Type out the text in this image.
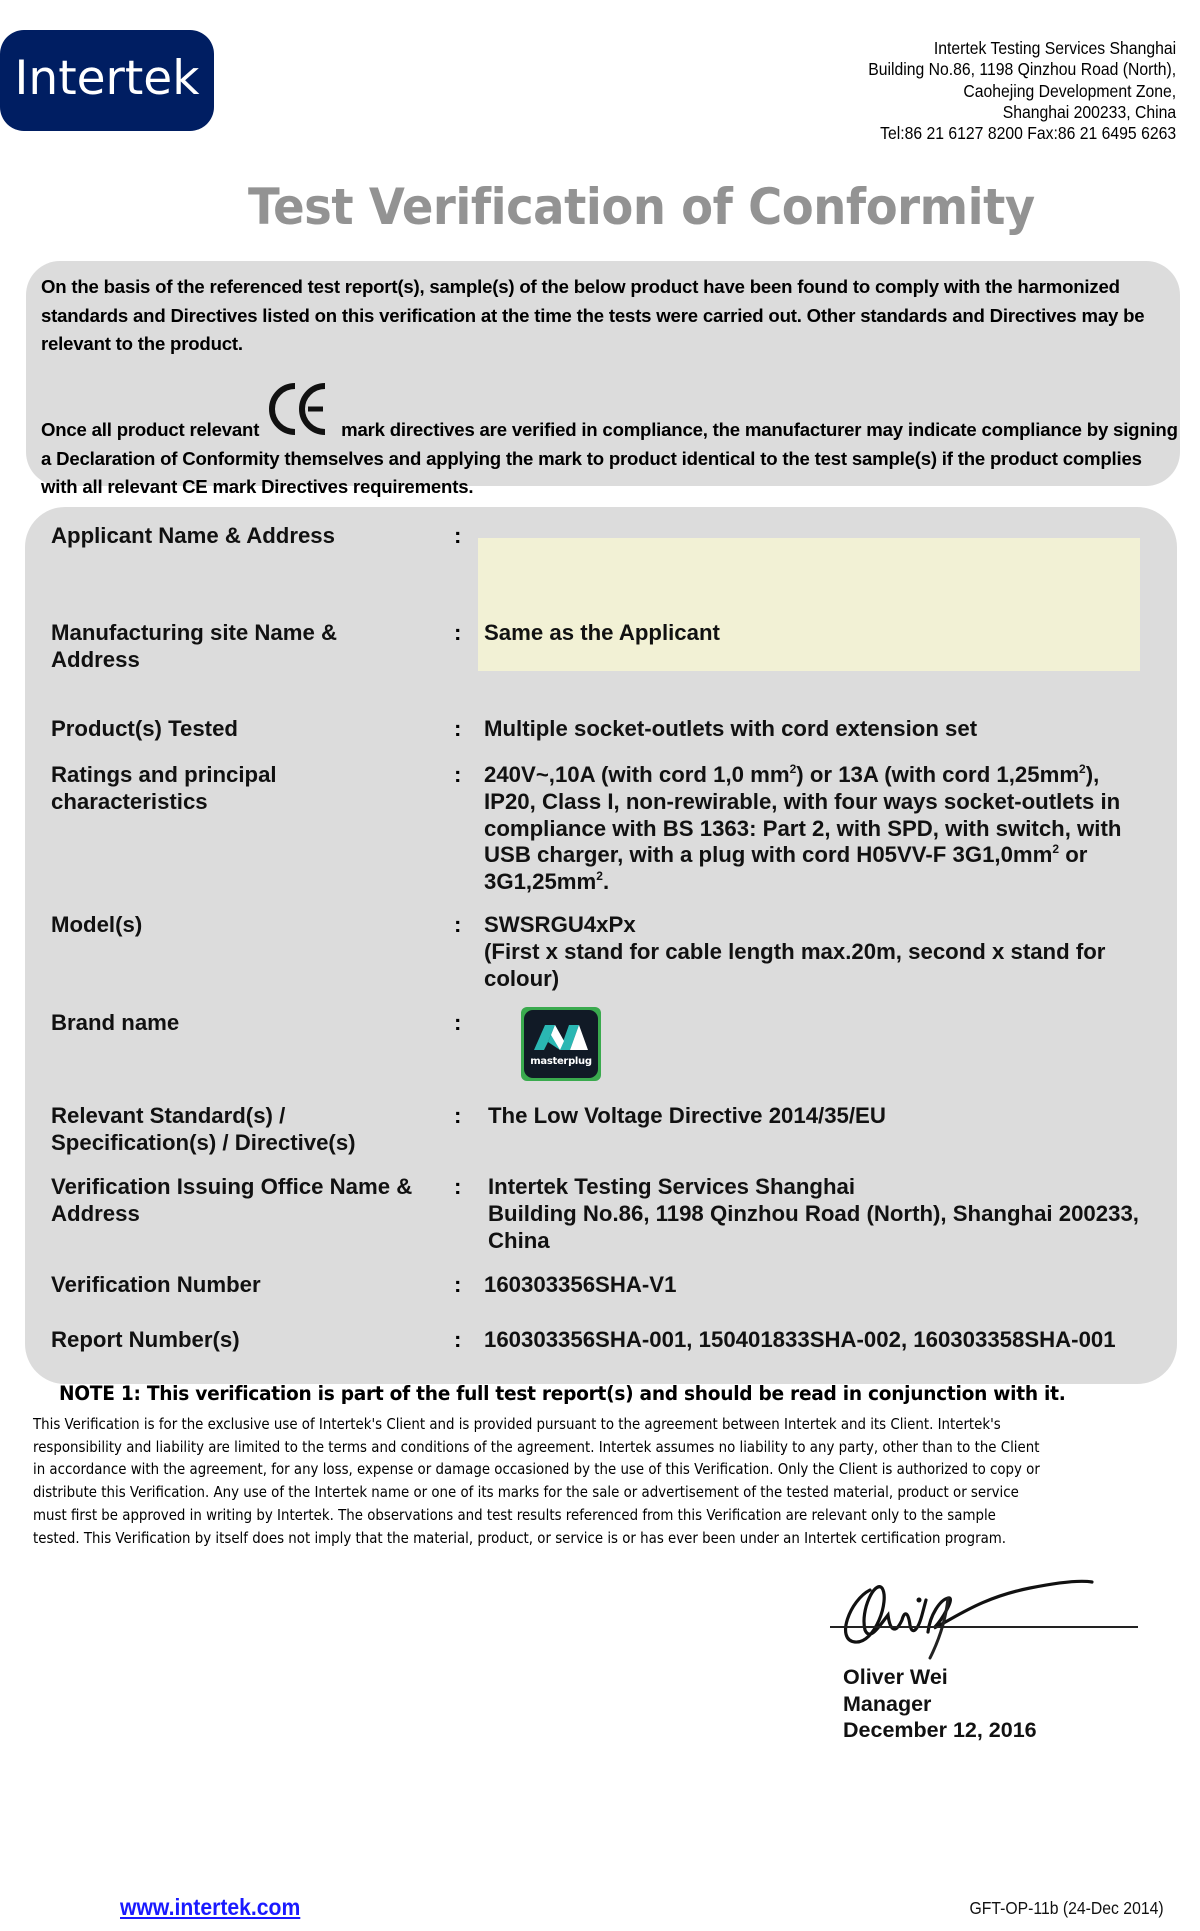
Intertek
Intertek Testing Services Shanghai
Building No.86, 1198 Qinzhou Road (North),
Caohejing Development Zone,
Shanghai 200233, China
Tel:86 21 6127 8200 Fax:86 21 6495 6263
Test Verification of Conformity

On the basis of the referenced test report(s), sample(s) of the below product have been found to comply with the harmonized standards and Directives listed on this verification at the time the tests were carried out. Other standards and Directives may be relevant to the product.

Once all product relevant	mark directives are verified in compliance, the manufacturer may indicate compliance by signing a Declaration of Conformity themselves and applying the mark to product identical to the test sample(s) if the product complies with all relevant CE mark Directives requirements.

Applicant Name & Address	:
Manufacturing site Name &
Address
: Same as the Applicant
Product(s) Tested	: Multiple socket-outlets with cord extension set
Ratings and principal
characteristics
: 240V~,10A (with cord 1,0 $mm^2$) or 13A (with cord $1,25mm^2$),
IP20, Class I, non-rewirable, with four ways socket-outlets in
compliance with BS 1363: Part 2, with SPD, with switch, with
USB charger, with a plug with cord H05VV-F $3G1,0mm^2$ or
$3G1,25mm^2$.
Model(s)	: SWSRGU4xPx
(First x stand for cable length max.20m, second x stand for
colour)
Brand name	:
masterplug
Relevant Standard(s) /
Specification(s) / Directive(s)
: The Low Voltage Directive 2014/35/EU
Verification Issuing Office Name &
Address
: Intertek Testing Services Shanghai
Building No.86, 1198 Qinzhou Road (North), Shanghai 200233,
China
Verification Number	: 160303356SHA-V1
Report Number(s)	: 160303356SHA-001, 150401833SHA-002, 160303358SHA-001
NOTE 1: This verification is part of the full test report(s) and should be read in conjunction with it.
This Verification is for the exclusive use of Intertek's Client and is provided pursuant to the agreement between Intertek and its Client. Intertek's
responsibility and liability are limited to the terms and conditions of the agreement. Intertek assumes no liability to any party, other than to the Client
in accordance with the agreement, for any loss, expense or damage occasioned by the use of this Verification. Only the Client is authorized to copy or
distribute this Verification. Any use of the Intertek name or one of its marks for the sale or advertisement of the tested material, product or service
must first be approved in writing by Intertek. The observations and test results referenced from this Verification are relevant only to the sample
tested. This Verification by itself does not imply that the material, product, or service is or has ever been under an Intertek certification program.
Oliver Wei
Manager
December 12, 2016
www.intertek.com	GFT-OP-11b (24-Dec 2014)
